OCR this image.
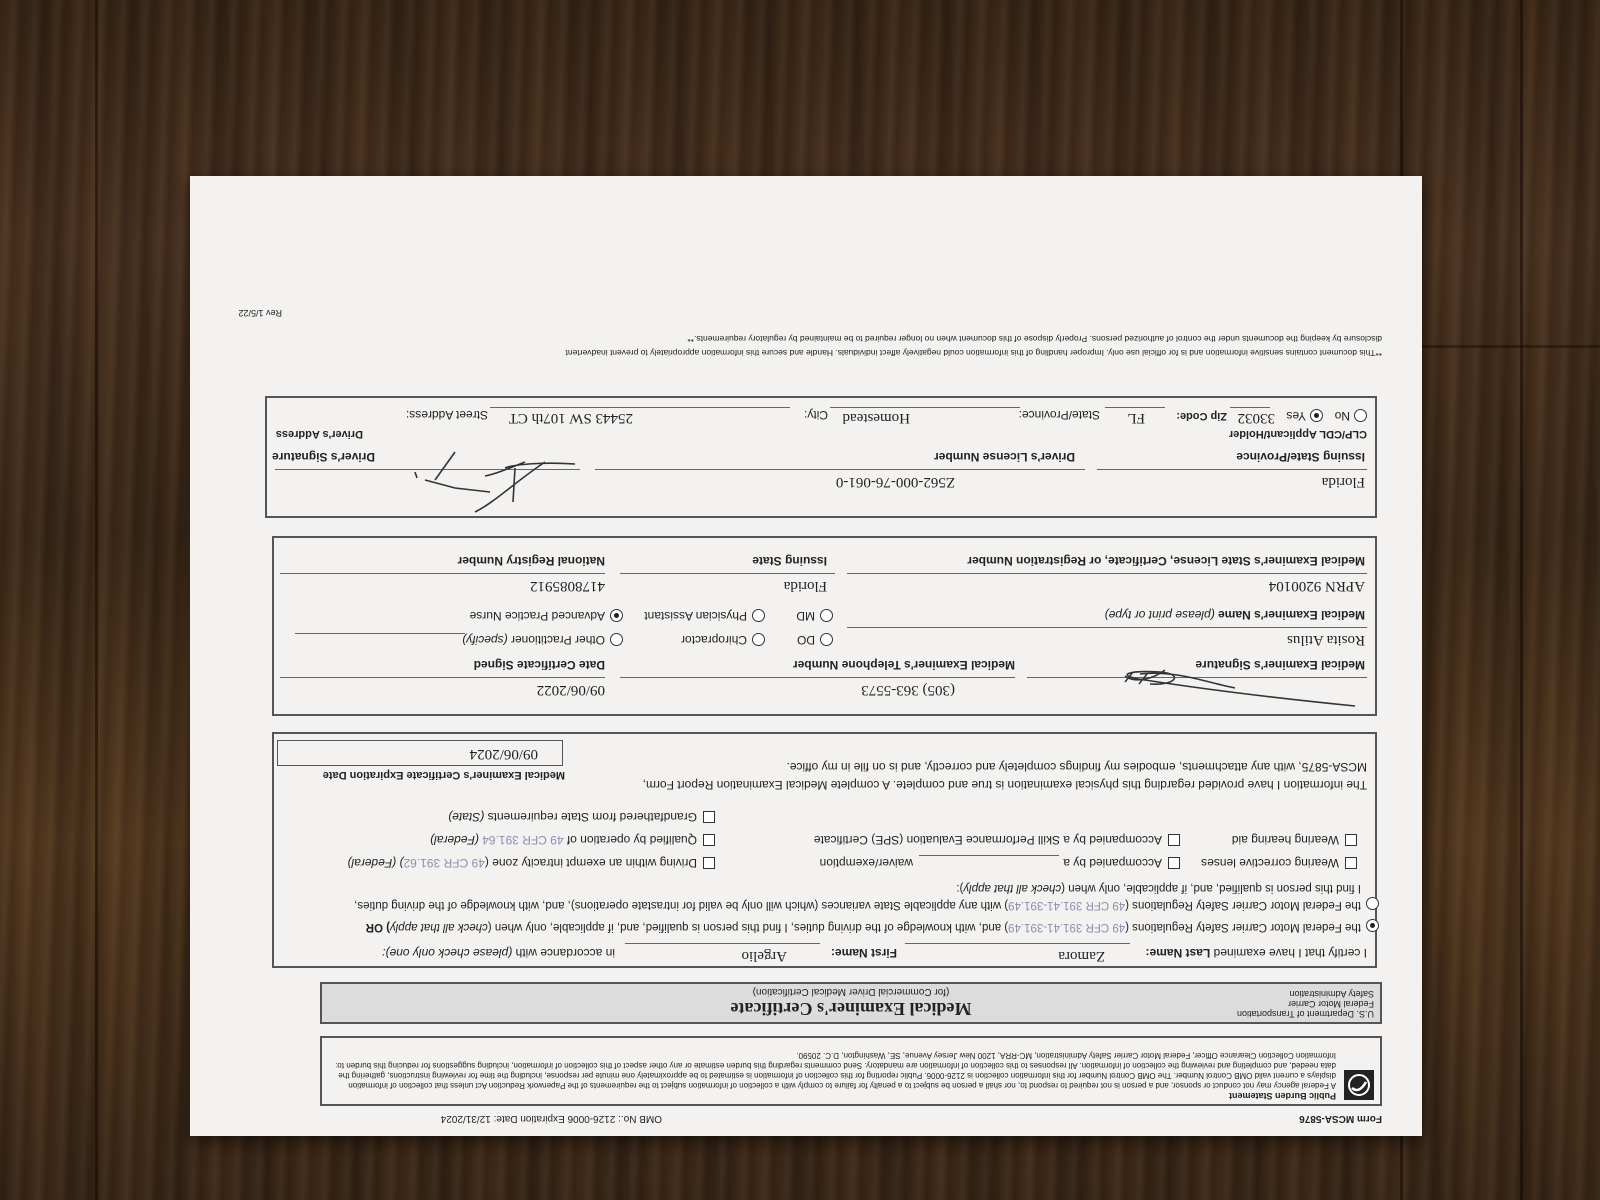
Form MCSA-5876
OMB No.: 2126-0006 Expiration Date: 12/31/2024
Public Burden Statement
A Federal agency may not conduct or sponsor, and a person is not required to respond to, nor shall a person be subject to a penalty for failure to comply with a collection of information subject to the requirements of the Paperwork Reduction Act unless that collection of information displays a current valid OMB Control Number. The OMB Control Number for this information collection is 2126-0006. Public reporting for this collection of information is estimated to be approximately one minute per response, including the time for reviewing instructions, gathering the data needed, and completing and reviewing the collection of information. All responses to this collection of information are mandatory. Send comments regarding this burden estimate or any other aspect of this collection of information, including suggestions for reducing this burden to: Information Collection Clearance Officer, Federal Motor Carrier Safety Administration, MC-RRA, 1200 New Jersey Avenue, SE, Washington, D.C. 20590.
U.S. Department of Transportation
Federal Motor Carrier
Safety Administration
Medical Examiner's Certificate
(for Commercial Driver Medical Certification)
I certify that I have examined Last Name:
Zamora
First Name:
Argelio
in accordance with (please check only one):
the Federal Motor Carrier Safety Regulations (49 CFR 391.41-391.49) and, with knowledge of the driving duties, I find this person is qualified, and, if applicable, only when (check all that apply) OR
the Federal Motor Carrier Safety Regulations (49 CFR 391.41-391.49) with any applicable State variances (which will only be valid for intrastate operations), and, with knowledge of the driving duties,
I find this person is qualified, and, if applicable, only when (check all that apply):
Wearing corrective lenses
Accompanied by a
waiver/exemption
Driving within an exempt intracity zone (49 CFR 391.62) (Federal)
Wearing hearing aid
Accompanied by a Skill Performance Evaluation (SPE) Certificate
Qualified by operation of 49 CFR 391.64 (Federal)
Grandfathered from State requirements (State)
The information I have provided regarding this physical examination is true and complete. A complete Medical Examination Report Form,
MCSA-5875, with any attachments, embodies my findings completely and correctly, and is on file in my office.
Medical Examiner's Certificate Expiration Date
09/06/2024
Medical Examiner's Signature
(305) 363-5573
Medical Examiner's Telephone Number
09/06/2022
Date Certificate Signed
Rosita Atilus
Medical Examiner's Name (please print or type)
DO
MD
Chiropractor
Physician Assistant
Other Practitioner (specify)
Advanced Practice Nurse
APRN 9200104
Medical Examiner's State License, Certificate, or Registration Number
Florida
Issuing State
4178085912
National Registry Number
Florida
Issuing State/Province
Z562-000-76-061-0
Driver's License Number
Driver's Signature
No
Yes
Zip Code: 33032
FL
State/Province:
Homestead
City:
25443 SW 107th CT
Street Address:
CLP/CDL Applicant/Holder
Driver's Address
**This document contains sensitive information and is for official use only. Improper handling of this information could negatively affect individuals. Handle and secure this information appropriately to prevent inadvertent
disclosure by keeping the documents under the control of authorized persons. Properly dispose of this document when no longer required to be maintained by regulatory requirements.**
Rev 1/5/22
